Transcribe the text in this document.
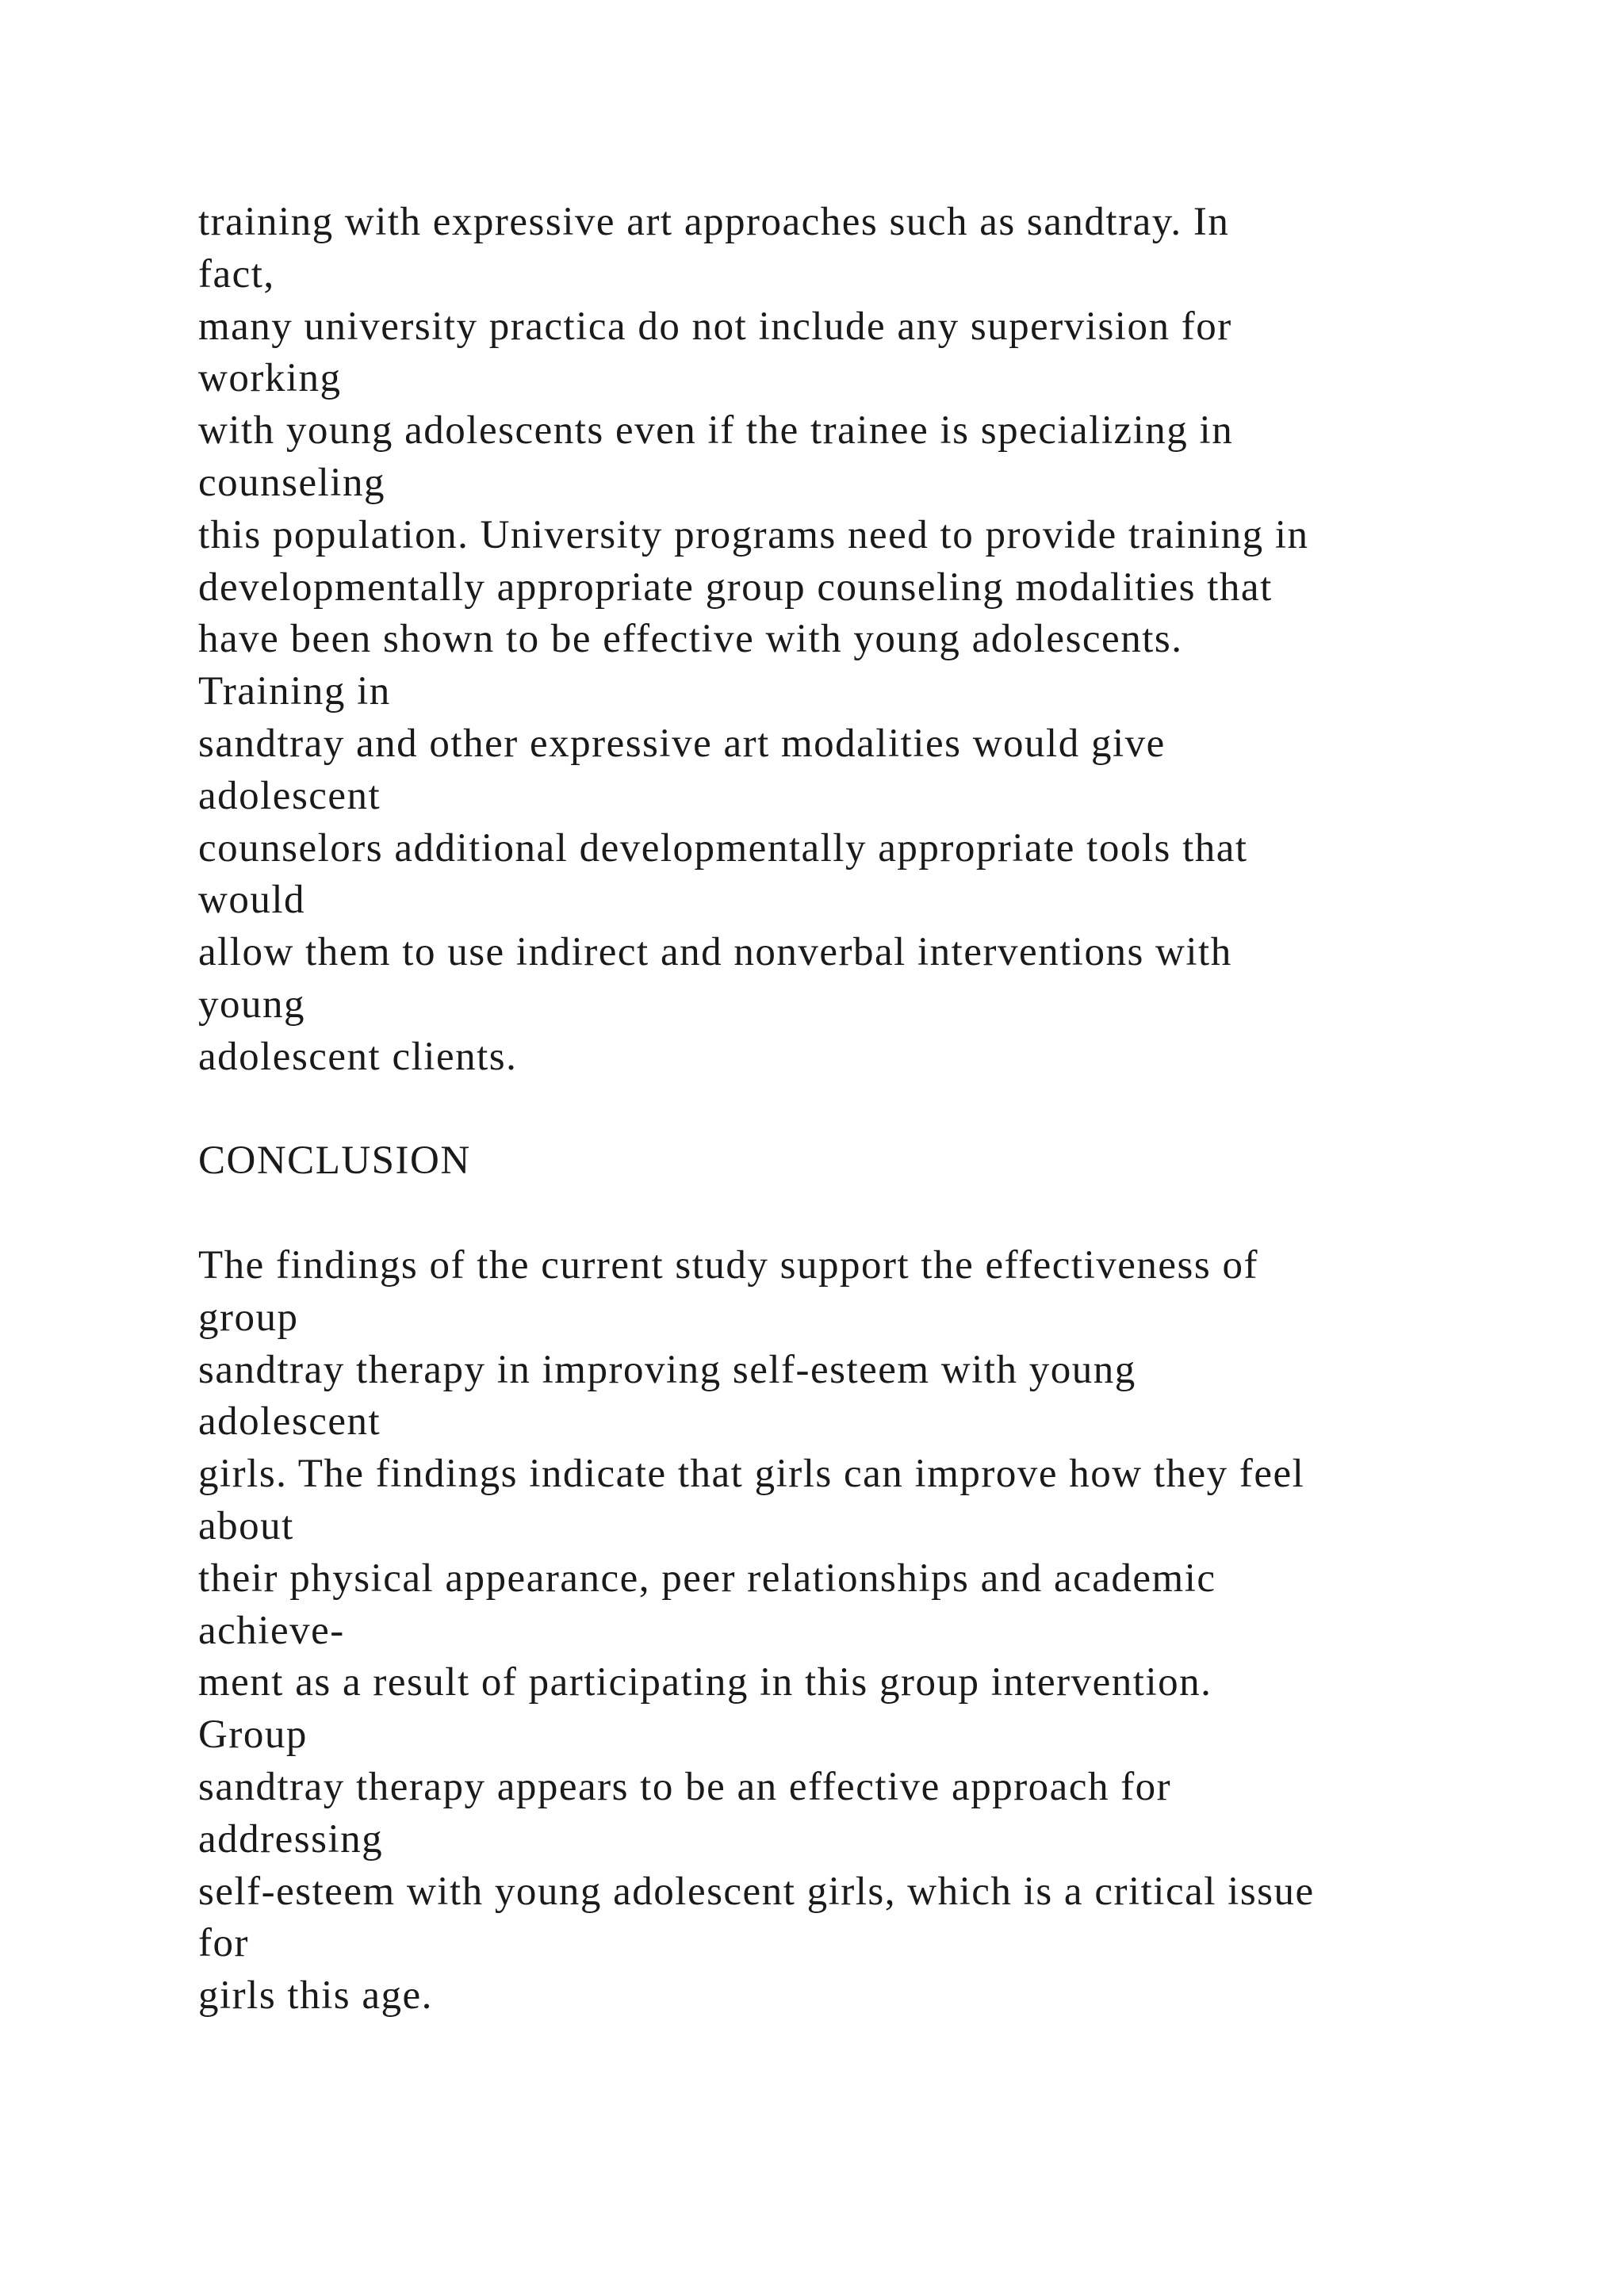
training with expressive art approaches such as sandtray. In
fact,
many university practica do not include any supervision for
working
with young adolescents even if the trainee is specializing in
counseling
this population. University programs need to provide training in
developmentally appropriate group counseling modalities that
have been shown to be effective with young adolescents.
Training in
sandtray and other expressive art modalities would give
adolescent
counselors additional developmentally appropriate tools that
would
allow them to use indirect and nonverbal interventions with
young
adolescent clients.
CONCLUSION
The findings of the current study support the effectiveness of
group
sandtray therapy in improving self-esteem with young
adolescent
girls. The findings indicate that girls can improve how they feel
about
their physical appearance, peer relationships and academic
achieve-
ment as a result of participating in this group intervention.
Group
sandtray therapy appears to be an effective approach for
addressing
self-esteem with young adolescent girls, which is a critical issue
for
girls this age.
